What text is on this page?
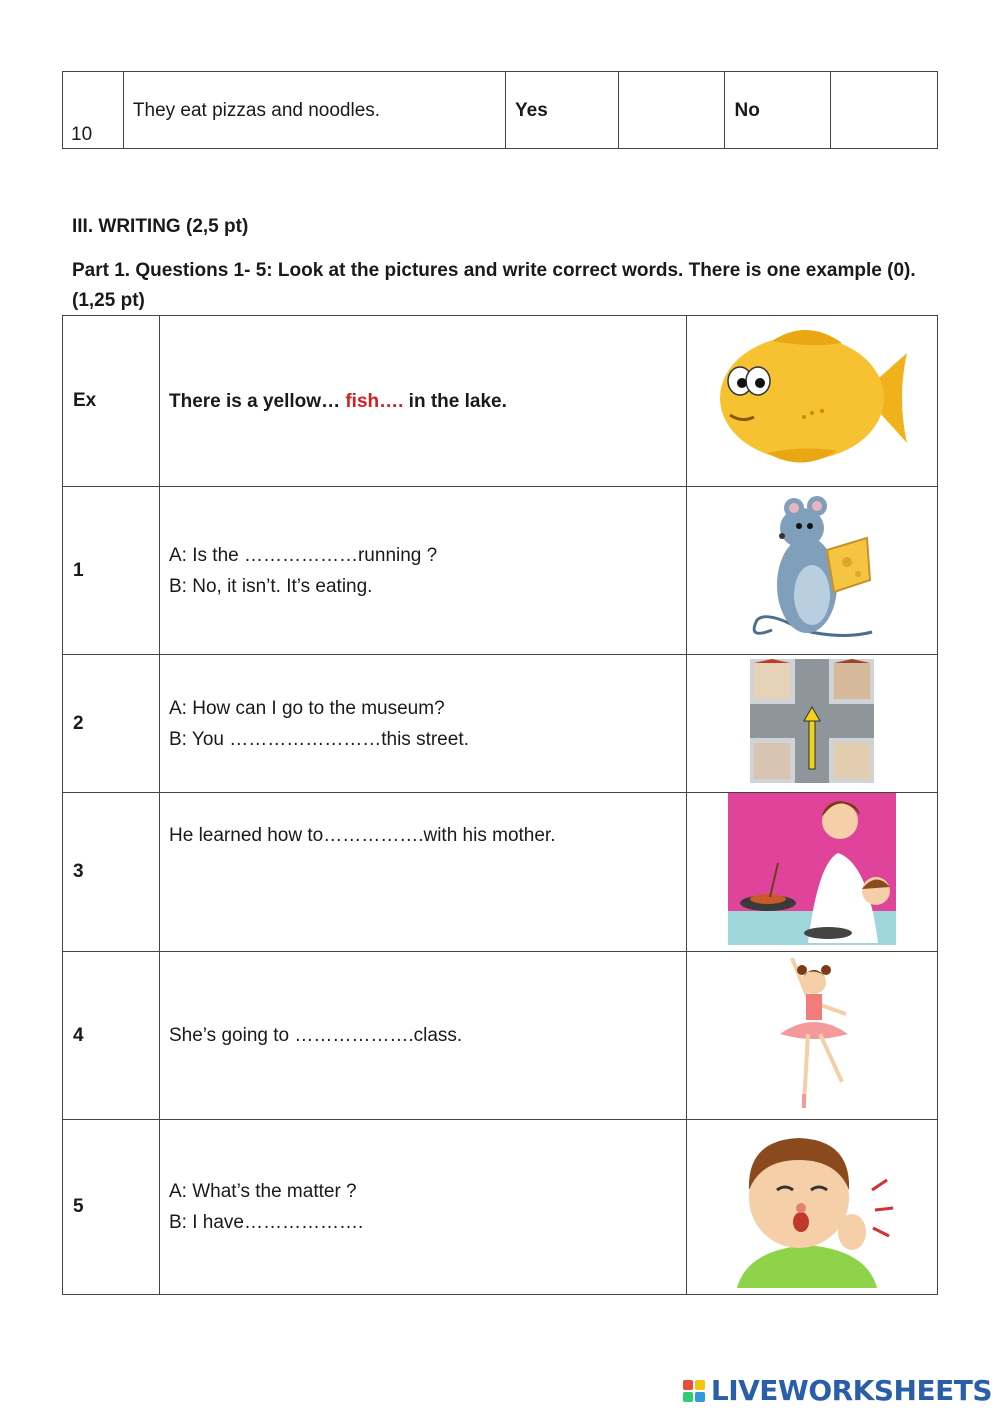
10	They eat pizzas and noodles.	Yes		No	
III. WRITING (2,5 pt)
Part 1. Questions 1- 5: Look at the pictures and write correct words. There is one example (0). (1,25 pt)
Ex	There is a yellow… fish…. in the lake.	
1	A: Is the ………………running ?
B: No, it isn’t. It’s eating.

2	A: How can I go to the museum?
B: You ……………………this street.

3	He learned how to…………….with his mother.

4	She’s going to ……………….class.

5	A: What’s the matter ?
B: I have……………….

LIVEWORKSHEETS
